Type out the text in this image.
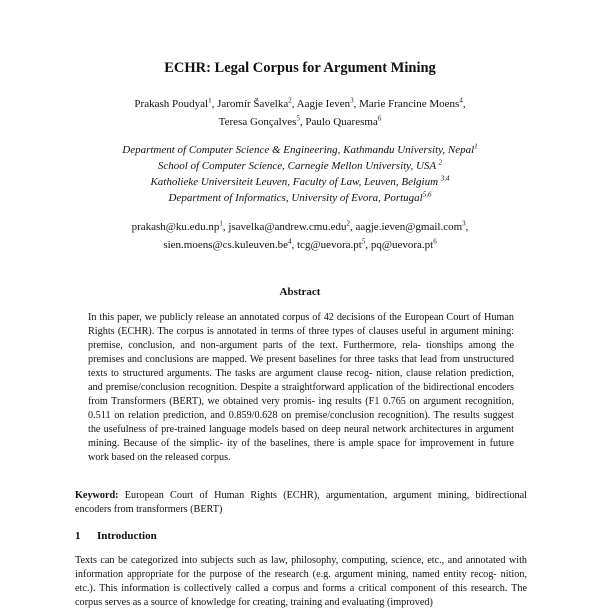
ECHR: Legal Corpus for Argument Mining
Prakash Poudyal$^1$, Jaromír Šavelka$^2$, Aagje Ieven$^3$, Marie Francine Moens$^4$,
Teresa Gonçalves$^5$, Paulo Quaresma$^6$
Department of Computer Science & Engineering, Kathmandu University, Nepal$^1$
School of Computer Science, Carnegie Mellon University, USA $^2$
Katholieke Universiteit Leuven, Faculty of Law, Leuven, Belgium $^{3,4}$
Department of Informatics, University of Evora, Portugal$^{5,6}$
$prakash@ku.edu.np^1$, jsavelka@andrew.cmu.edu$^2$, aagje.ieven@gmail.com$^3$,
$sien.moens@cs.kuleuven.be^4$, $tcg@uevora.pt^5$, $pq@uevora.pt^6$
Abstract
In this paper, we publicly release an annotated corpus of 42 decisions of the European Court of Human Rights (ECHR). The corpus is annotated in terms of three types of clauses useful in argument mining: premise, conclusion, and non-argument parts of the text. Furthermore, rela- tionships among the premises and conclusions are mapped. We present baselines for three tasks that lead from unstructured texts to structured arguments. The tasks are argument clause recog- nition, clause relation prediction, and premise/conclusion recognition. Despite a straightforward application of the bidirectional encoders from Transformers (BERT), we obtained very promis- ing results (F1 0.765 on argument recognition, 0.511 on relation prediction, and 0.859/0.628 on premise/conclusion recognition). The results suggest the usefulness of pre-trained language models based on deep neural network architectures in argument mining. Because of the simplic- ity of the baselines, there is ample space for improvement in future work based on the released corpus.
Keyword: European Court of Human Rights (ECHR), argumentation, argument mining, bidirectional encoders from transformers (BERT)
1 Introduction
Texts can be categorized into subjects such as law, philosophy, computing, science, etc., and annotated with information appropriate for the purpose of the research (e.g. argument mining, named entity recog- nition, etc.). This information is collectively called a corpus and forms a critical component of this research. The corpus serves as a source of knowledge for creating, training and evaluating (improved)
